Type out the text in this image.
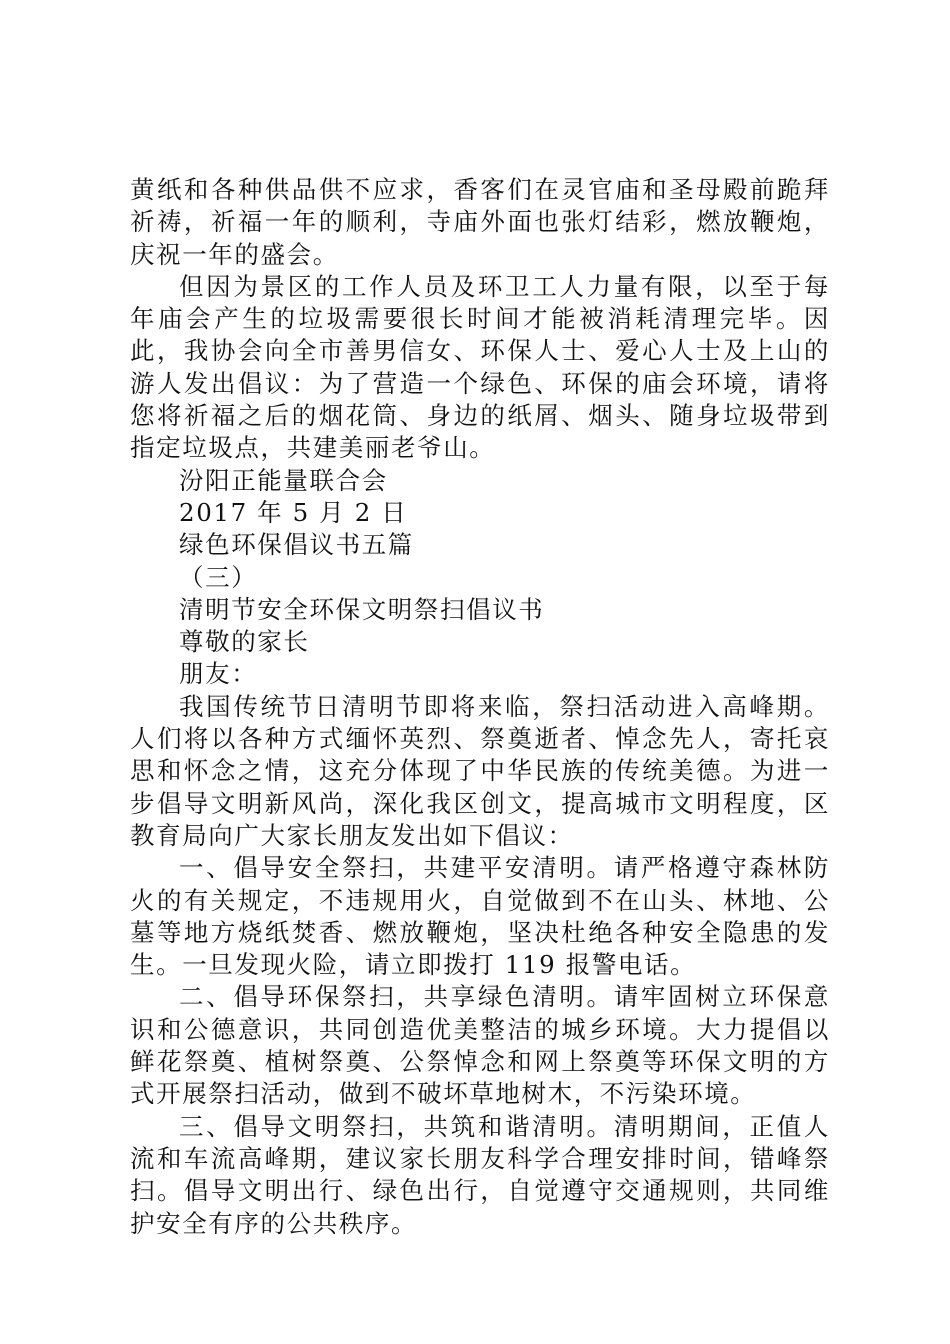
黄纸和各种供品供不应求，香客们在灵官庙和圣母殿前跪拜祈祷，祈福一年的顺利，寺庙外面也张灯结彩，燃放鞭炮，庆祝一年的盛会。

但因为景区的工作人员及环卫工人力量有限，以至于每年庙会产生的垃圾需要很长时间才能被消耗清理完毕。因此，我协会向全市善男信女、环保人士、爱心人士及上山的游人发出倡议：为了营造一个绿色、环保的庙会环境，请将您将祈福之后的烟花筒、身边的纸屑、烟头、随身垃圾带到指定垃圾点，共建美丽老爷山。

汾阳正能量联合会

2017 年 5 月 2 日

绿色环保倡议书五篇

（三）

清明节安全环保文明祭扫倡议书

尊敬的家长

朋友：

我国传统节日清明节即将来临，祭扫活动进入高峰期。人们将以各种方式缅怀英烈、祭奠逝者、悼念先人，寄托哀思和怀念之情，这充分体现了中华民族的传统美德。为进一步倡导文明新风尚，深化我区创文，提高城市文明程度，区教育局向广大家长朋友发出如下倡议：

一、倡导安全祭扫，共建平安清明。请严格遵守森林防火的有关规定，不违规用火，自觉做到不在山头、林地、公墓等地方烧纸焚香、燃放鞭炮，坚决杜绝各种安全隐患的发生。一旦发现火险，请立即拨打 119 报警电话。

二、倡导环保祭扫，共享绿色清明。请牢固树立环保意识和公德意识，共同创造优美整洁的城乡环境。大力提倡以鲜花祭奠、植树祭奠、公祭悼念和网上祭奠等环保文明的方式开展祭扫活动，做到不破坏草地树木，不污染环境。

三、倡导文明祭扫，共筑和谐清明。清明期间，正值人流和车流高峰期，建议家长朋友科学合理安排时间，错峰祭扫。倡导文明出行、绿色出行，自觉遵守交通规则，共同维护安全有序的公共秩序。
